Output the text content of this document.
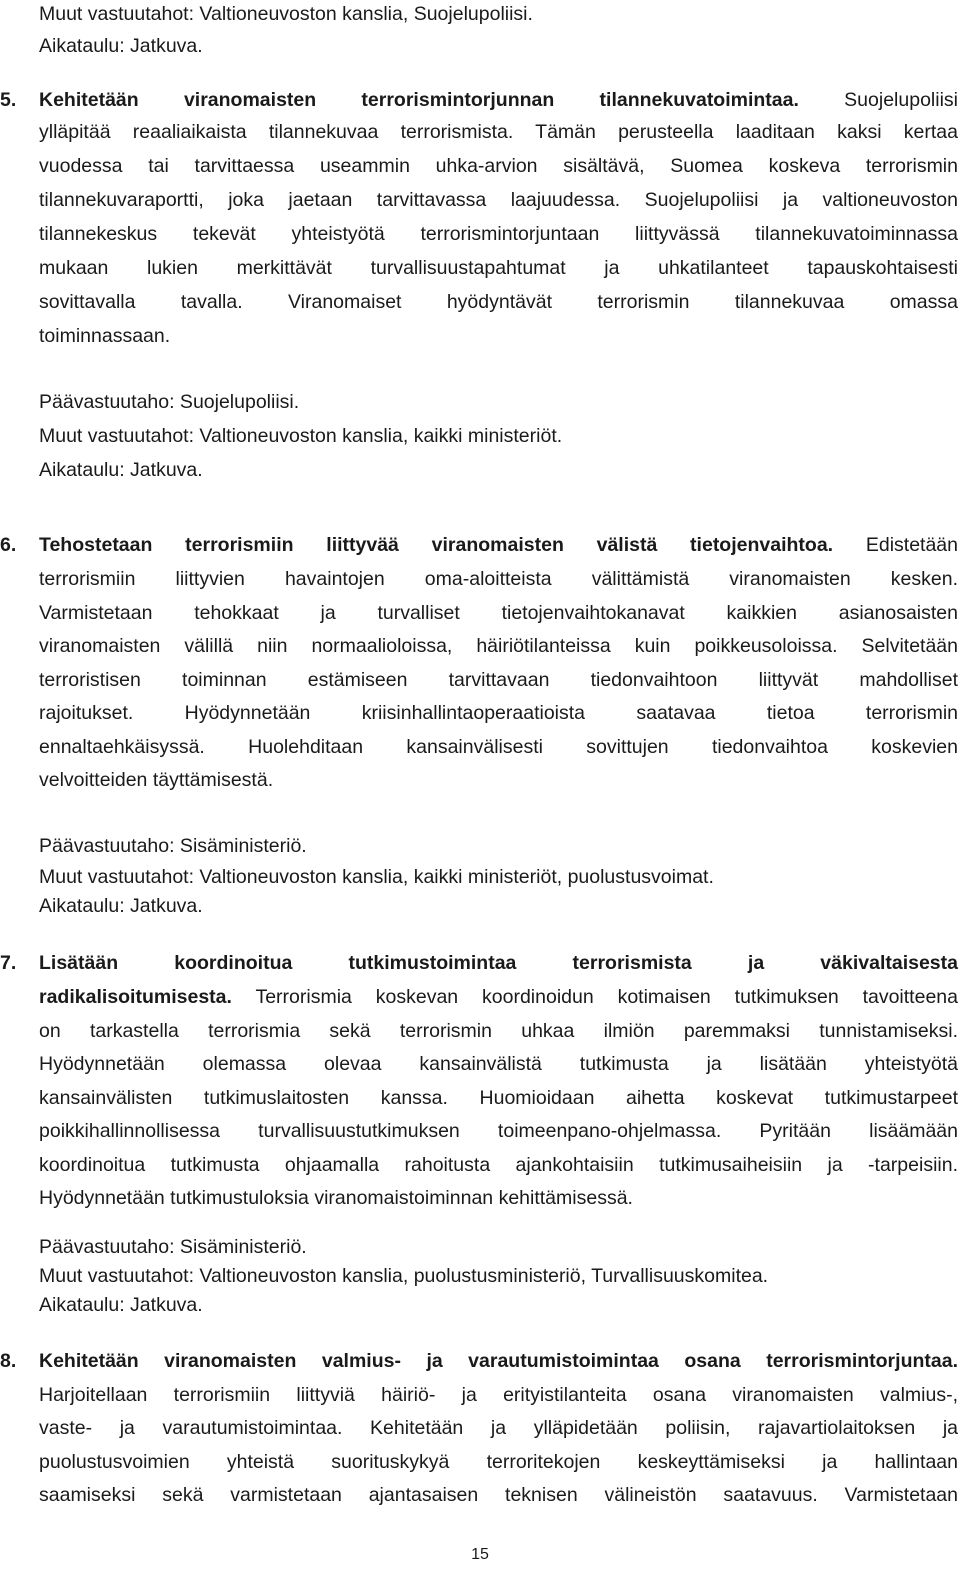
Muut vastuutahot: Valtioneuvoston kanslia, Suojelupoliisi.
Aikataulu: Jatkuva.
5. Kehitetään viranomaisten terrorismintorjunnan tilannekuvatoimintaa. Suojelupoliisi
ylläpitää reaaliaikaista tilannekuvaa terrorismista. Tämän perusteella laaditaan kaksi kertaa
vuodessa tai tarvittaessa useammin uhka-arvion sisältävä, Suomea koskeva terrorismin
tilannekuvaraportti, joka jaetaan tarvittavassa laajuudessa. Suojelupoliisi ja valtioneuvoston
tilannekeskus tekevät yhteistyötä terrorismintorjuntaan liittyvässä tilannekuvatoiminnassa
mukaan lukien merkittävät turvallisuustapahtumat ja uhkatilanteet tapauskohtaisesti
sovittavalla tavalla. Viranomaiset hyödyntävät terrorismin tilannekuvaa omassa
toiminnassaan.
Päävastuutaho: Suojelupoliisi.
Muut vastuutahot: Valtioneuvoston kanslia, kaikki ministeriöt.
Aikataulu: Jatkuva.
6. Tehostetaan terrorismiin liittyvää viranomaisten välistä tietojenvaihtoa. Edistetään
terrorismiin liittyvien havaintojen oma-aloitteista välittämistä viranomaisten kesken.
Varmistetaan tehokkaat ja turvalliset tietojenvaihtokanavat kaikkien asianosaisten
viranomaisten välillä niin normaalioloissa, häiriötilanteissa kuin poikkeusoloissa. Selvitetään
terroristisen toiminnan estämiseen tarvittavaan tiedonvaihtoon liittyvät mahdolliset
rajoitukset. Hyödynnetään kriisinhallintaoperaatioista saatavaa tietoa terrorismin
ennaltaehkäisyssä. Huolehditaan kansainvälisesti sovittujen tiedonvaihtoa koskevien
velvoitteiden täyttämisestä.
Päävastuutaho: Sisäministeriö.
Muut vastuutahot: Valtioneuvoston kanslia, kaikki ministeriöt, puolustusvoimat.
Aikataulu: Jatkuva.
7. Lisätään koordinoitua tutkimustoimintaa terrorismista ja väkivaltaisesta
radikalisoitumisesta. Terrorismia koskevan koordinoidun kotimaisen tutkimuksen tavoitteena
on tarkastella terrorismia sekä terrorismin uhkaa ilmiön paremmaksi tunnistamiseksi.
Hyödynnetään olemassa olevaa kansainvälistä tutkimusta ja lisätään yhteistyötä
kansainvälisten tutkimuslaitosten kanssa. Huomioidaan aihetta koskevat tutkimustarpeet
poikkihallinnollisessa turvallisuustutkimuksen toimeenpano-ohjelmassa. Pyritään lisäämään
koordinoitua tutkimusta ohjaamalla rahoitusta ajankohtaisiin tutkimusaiheisiin ja -tarpeisiin.
Hyödynnetään tutkimustuloksia viranomaistoiminnan kehittämisessä.
Päävastuutaho: Sisäministeriö.
Muut vastuutahot: Valtioneuvoston kanslia, puolustusministeriö, Turvallisuuskomitea.
Aikataulu: Jatkuva.
8. Kehitetään viranomaisten valmius- ja varautumistoimintaa osana terrorismintorjuntaa.
Harjoitellaan terrorismiin liittyviä häiriö- ja erityistilanteita osana viranomaisten valmius-,
vaste- ja varautumistoimintaa. Kehitetään ja ylläpidetään poliisin, rajavartiolaitoksen ja
puolustusvoimien yhteistä suorituskykyä terroritekojen keskeyttämiseksi ja hallintaan
saamiseksi sekä varmistetaan ajantasaisen teknisen välineistön saatavuus. Varmistetaan
15
